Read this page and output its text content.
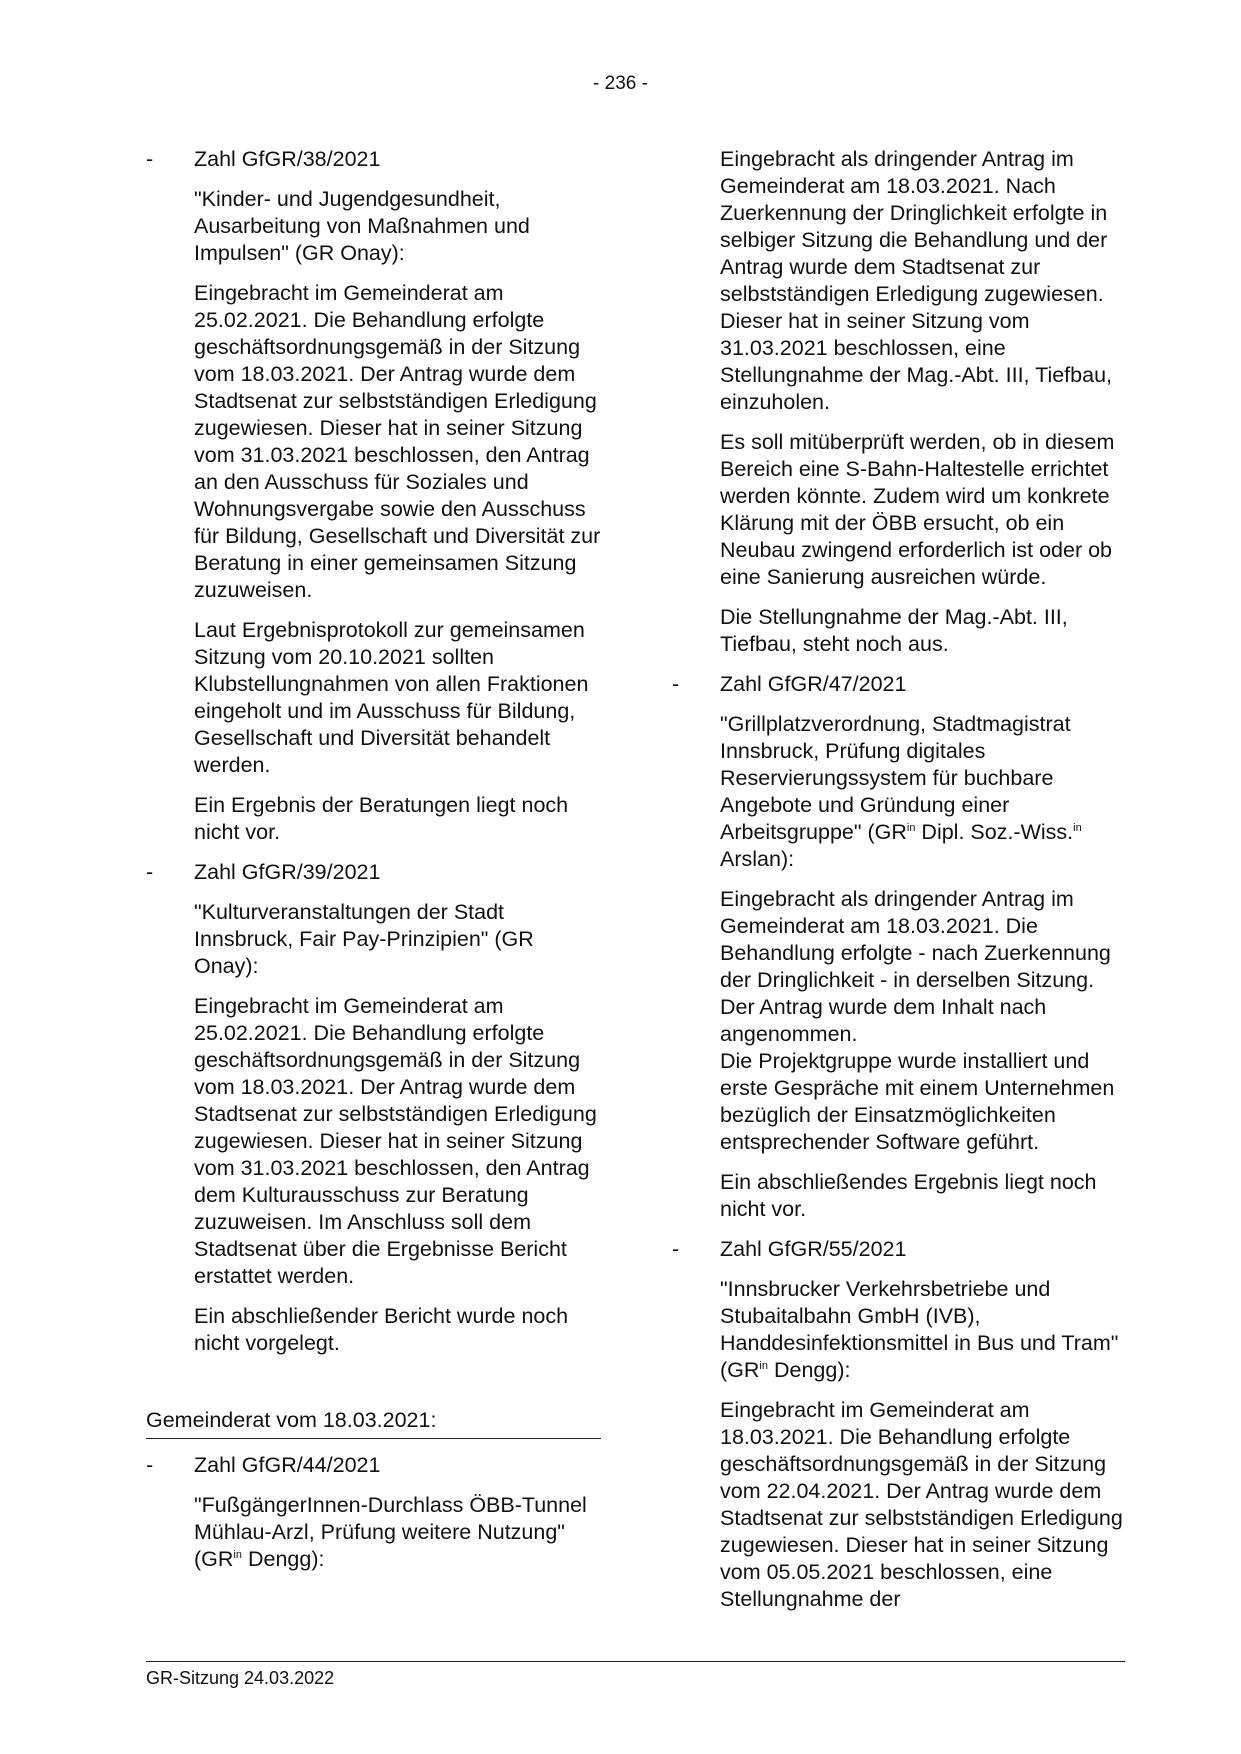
- 236 -
- Zahl GfGR/38/2021

"Kinder- und Jugendgesundheit, Ausarbeitung von Maßnahmen und Impulsen" (GR Onay):

Eingebracht im Gemeinderat am 25.02.2021. Die Behandlung erfolgte geschäftsordnungsgemäß in der Sitzung vom 18.03.2021. Der Antrag wurde dem Stadtsenat zur selbstständigen Erledigung zugewiesen. Dieser hat in seiner Sitzung vom 31.03.2021 beschlossen, den Antrag an den Ausschuss für Soziales und Wohnungsvergabe sowie den Ausschuss für Bildung, Gesellschaft und Diversität zur Beratung in einer gemeinsamen Sitzung zuzuweisen.

Laut Ergebnisprotokoll zur gemeinsamen Sitzung vom 20.10.2021 sollten Klubstellungnahmen von allen Fraktionen eingeholt und im Ausschuss für Bildung, Gesellschaft und Diversität behandelt werden.

Ein Ergebnis der Beratungen liegt noch nicht vor.

- Zahl GfGR/39/2021

"Kulturveranstaltungen der Stadt Innsbruck, Fair Pay-Prinzipien" (GR Onay):

Eingebracht im Gemeinderat am 25.02.2021. Die Behandlung erfolgte geschäftsordnungsgemäß in der Sitzung vom 18.03.2021. Der Antrag wurde dem Stadtsenat zur selbstständigen Erledigung zugewiesen. Dieser hat in seiner Sitzung vom 31.03.2021 beschlossen, den Antrag dem Kulturausschuss zur Beratung zuzuweisen. Im Anschluss soll dem Stadtsenat über die Ergebnisse Bericht erstattet werden.

Ein abschließender Bericht wurde noch nicht vorgelegt.

Gemeinderat vom 18.03.2021:
- Zahl GfGR/44/2021

"FußgängerInnen-Durchlass ÖBB-Tunnel Mühlau-Arzl, Prüfung weitere Nutzung" ($GR^{in}$ Dengg):

Eingebracht als dringender Antrag im Gemeinderat am 18.03.2021. Nach Zuerkennung der Dringlichkeit erfolgte in selbiger Sitzung die Behandlung und der Antrag wurde dem Stadtsenat zur selbstständigen Erledigung zugewiesen. Dieser hat in seiner Sitzung vom 31.03.2021 beschlossen, eine Stellungnahme der Mag.-Abt. III, Tiefbau, einzuholen.

Es soll mitüberprüft werden, ob in diesem Bereich eine S-Bahn-Haltestelle errichtet werden könnte. Zudem wird um konkrete Klärung mit der ÖBB ersucht, ob ein Neubau zwingend erforderlich ist oder ob eine Sanierung ausreichen würde.

Die Stellungnahme der Mag.-Abt. III, Tiefbau, steht noch aus.

- Zahl GfGR/47/2021

"Grillplatzverordnung, Stadtmagistrat Innsbruck, Prüfung digitales Reservierungssystem für buchbare Angebote und Gründung einer Arbeitsgruppe" ($GR^{in}$ Dipl. Soz.-Wiss.$^{in}$ Arslan):

Eingebracht als dringender Antrag im Gemeinderat am 18.03.2021. Die Behandlung erfolgte - nach Zuerkennung der Dringlichkeit - in derselben Sitzung. Der Antrag wurde dem Inhalt nach angenommen.
Die Projektgruppe wurde installiert und erste Gespräche mit einem Unternehmen bezüglich der Einsatzmöglichkeiten entsprechender Software geführt.

Ein abschließendes Ergebnis liegt noch nicht vor.

- Zahl GfGR/55/2021

"Innsbrucker Verkehrsbetriebe und Stubaitalbahn GmbH (IVB), Handdesinfektionsmittel in Bus und Tram"
($GR^{in}$ Dengg):

Eingebracht im Gemeinderat am 18.03.2021. Die Behandlung erfolgte geschäftsordnungsgemäß in der Sitzung vom 22.04.2021. Der Antrag wurde dem Stadtsenat zur selbstständigen Erledigung zugewiesen. Dieser hat in seiner Sitzung vom 05.05.2021 beschlossen, eine Stellungnahme der

GR-Sitzung 24.03.2022
